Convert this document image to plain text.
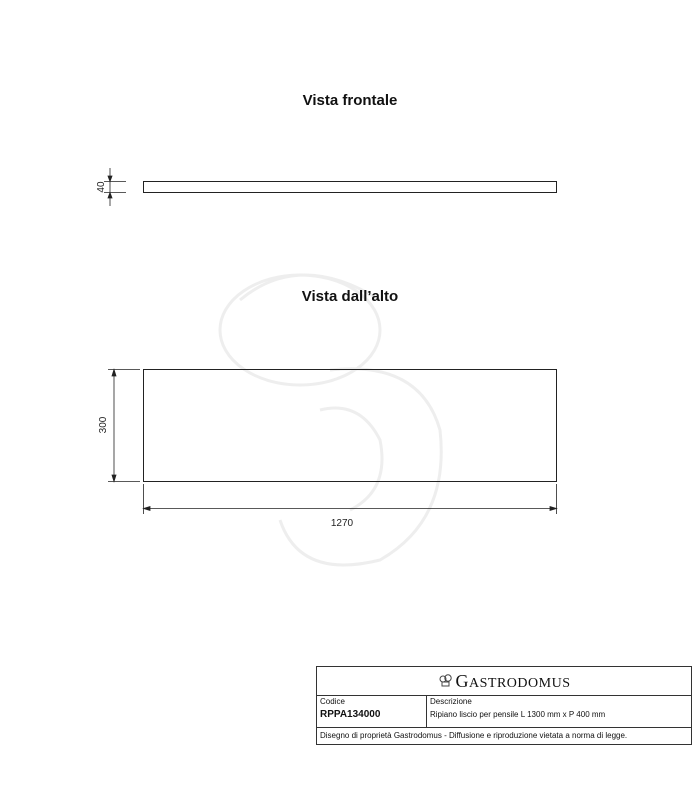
Vista frontale
Vista dall’alto
40
300
1270
GASTRODOMUS
Codice
RPPA134000
Descrizione
Ripiano liscio per pensile L 1300 mm x P 400 mm
Disegno di proprietà Gastrodomus - Diffusione e riproduzione vietata a norma di legge.
